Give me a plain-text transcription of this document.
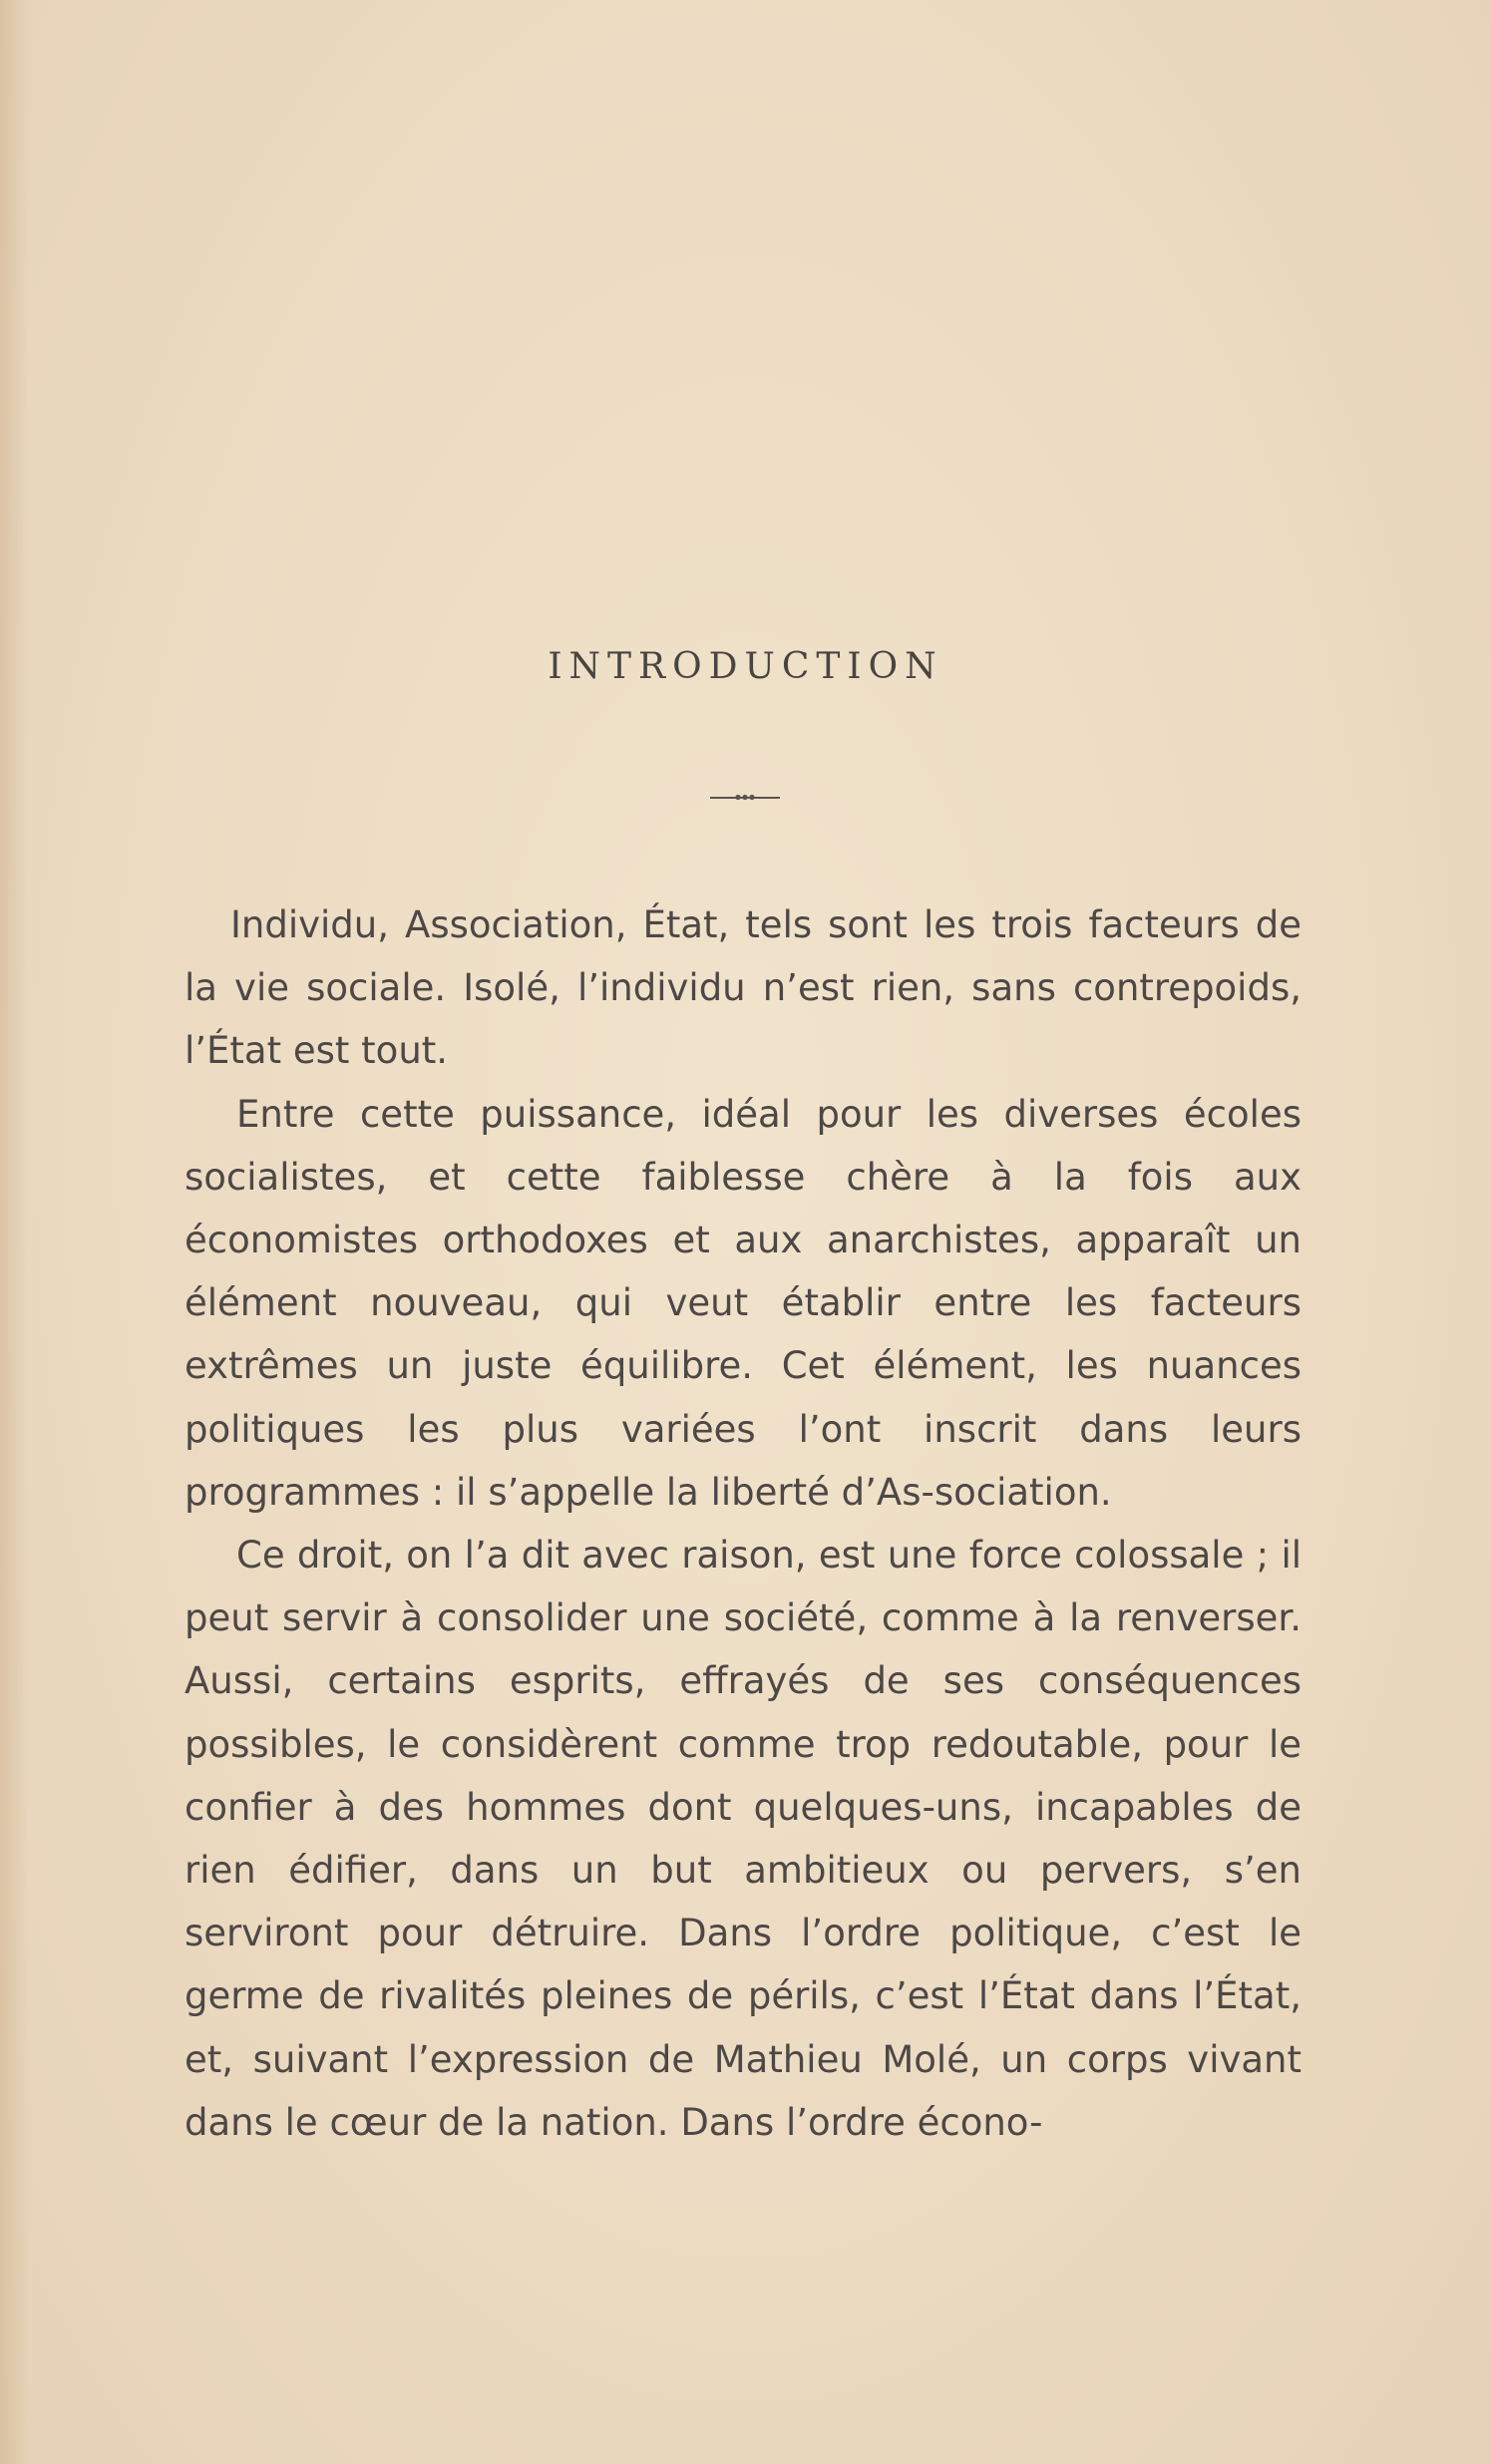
INTRODUCTION

Individu, Association, État, tels sont les trois facteurs de la vie sociale. Isolé, l’individu n’est rien, sans contrepoids, l’État est tout.

Entre cette puissance, idéal pour les diverses écoles socialistes, et cette faiblesse chère à la fois aux économistes orthodoxes et aux anarchistes, apparaît un élément nouveau, qui veut établir entre les facteurs extrêmes un juste équilibre. Cet élément, les nuances politiques les plus variées l’ont inscrit dans leurs programmes : il s’appelle la liberté d’As-sociation.

Ce droit, on l’a dit avec raison, est une force colossale ; il peut servir à consolider une société, comme à la renverser. Aussi, certains esprits, effrayés de ses conséquences possibles, le considèrent comme trop redoutable, pour le confier à des hommes dont quelques-uns, incapables de rien édifier, dans un but ambitieux ou pervers, s’en serviront pour détruire. Dans l’ordre politique, c’est le germe de rivalités pleines de périls, c’est l’État dans l’État, et, suivant l’expression de Mathieu Molé, un corps vivant dans le cœur de la nation. Dans l’ordre écono-
